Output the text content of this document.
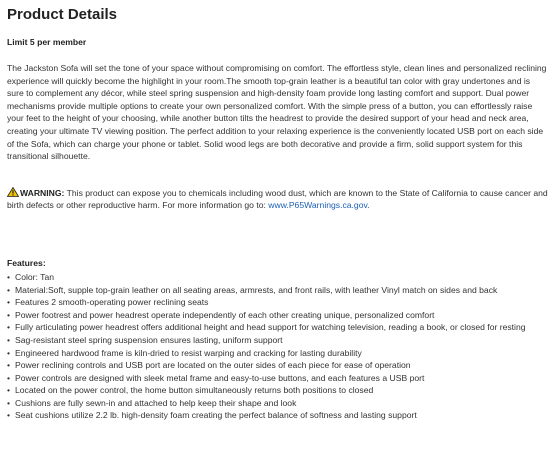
Product Details
Limit 5 per member

The Jackston Sofa will set the tone of your space without compromising on comfort. The effortless style, clean lines and personalized reclining experience will quickly become the highlight in your room.The smooth top-grain leather is a beautiful tan color with gray undertones and is sure to complement any décor, while steel spring suspension and high-density foam provide long lasting comfort and support. Dual power mechanisms provide multiple options to create your own personalized comfort. With the simple press of a button, you can effortlessly raise your feet to the height of your choosing, while another button tilts the headrest to provide the desired support of your head and neck area, creating your ultimate TV viewing position. The perfect addition to your relaxing experience is the conveniently located USB port on each side of the Sofa, which can charge your phone or tablet. Solid wood legs are both decorative and provide a firm, solid support system for this transitional silhouette.

WARNING: This product can expose you to chemicals including wood dust, which are known to the State of California to cause cancer and birth defects or other reproductive harm. For more information go to: www.P65Warnings.ca.gov.

Features:
• Color: Tan
• Material:Soft, supple top-grain leather on all seating areas, armrests, and front rails, with leather Vinyl match on sides and back
• Features 2 smooth-operating power reclining seats
• Power footrest and power headrest operate independently of each other creating unique, personalized comfort
• Fully articulating power headrest offers additional height and head support for watching television, reading a book, or closed for resting
• Sag-resistant steel spring suspension ensures lasting, uniform support
• Engineered hardwood frame is kiln-dried to resist warping and cracking for lasting durability
• Power reclining controls and USB port are located on the outer sides of each piece for ease of operation
• Power controls are designed with sleek metal frame and easy-to-use buttons, and each features a USB port
• Located on the power control, the home button simultaneously returns both positions to closed
• Cushions are fully sewn-in and attached to help keep their shape and look
• Seat cushions utilize 2.2 lb. high-density foam creating the perfect balance of softness and lasting support
